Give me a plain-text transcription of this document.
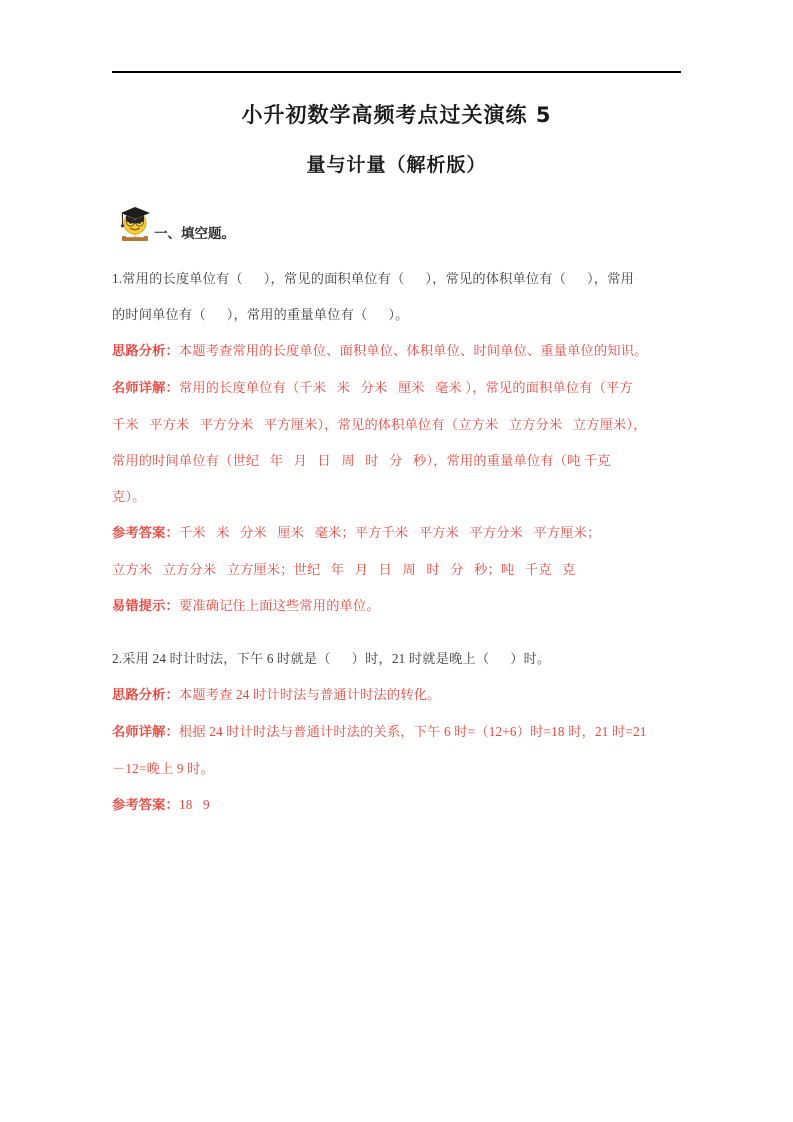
小升初数学高频考点过关演练 5
量与计量（解析版）
一、填空题。

1.常用的长度单位有（      ），常见的面积单位有（      ），常见的体积单位有（      ），常用

的时间单位有（      ），常用的重量单位有（      ）。

思路分析：本题考查常用的长度单位、面积单位、体积单位、时间单位、重量单位的知识。

名师详解：常用的长度单位有（千米   米   分米   厘米   毫米 ），常见的面积单位有（平方

千米   平方米   平方分米   平方厘米），常见的体积单位有（立方米   立方分米   立方厘米），

常用的时间单位有（世纪   年   月   日   周   时   分   秒），常用的重量单位有（吨 千克

克）。

参考答案：千米   米   分米   厘米   毫米；平方千米   平方米   平方分米   平方厘米；

立方米   立方分米   立方厘米；世纪   年   月   日   周   时   分   秒；吨   千克   克

易错提示：要准确记住上面这些常用的单位。

2.采用 24 时计时法，下午 6 时就是（      ）时，21 时就是晚上（      ）时。

思路分析：本题考查 24 时计时法与普通计时法的转化。

名师详解：根据 24 时计时法与普通计时法的关系，下午 6 时=（12+6）时=18 时，21 时=21

－12=晚上 9 时。

参考答案：18   9
